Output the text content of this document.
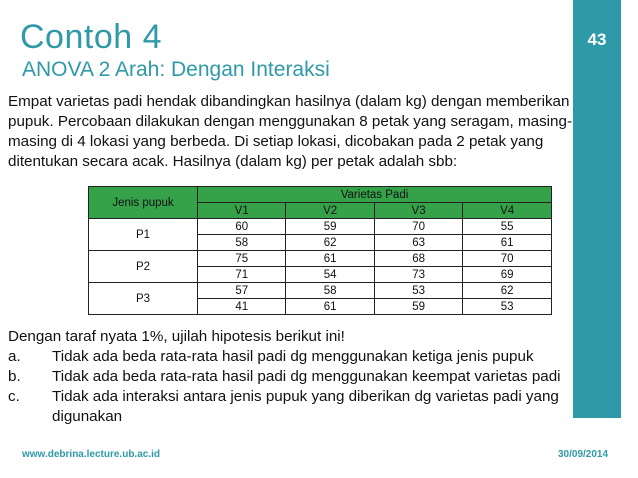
Contoh 4
ANOVA 2 Arah: Dengan Interaksi
43
Empat varietas padi hendak dibandingkan hasilnya (dalam kg) dengan memberikan pupuk. Percobaan dilakukan dengan menggunakan 8 petak yang seragam, masing-masing di 4 lokasi yang berbeda. Di setiap lokasi, dicobakan pada 2 petak yang ditentukan secara acak. Hasilnya (dalam kg) per petak adalah sbb:
Jenis pupuk	Varietas Padi			
	V1	V2	V3	V4
P1	60	59	70	55
	58	62	63	61
P2	75	61	68	70
	71	54	73	69
P3	57	58	53	62
	41	61	59	53
Dengan taraf nyata 1%, ujilah hipotesis berikut ini!
a. Tidak ada beda rata-rata hasil padi dg menggunakan ketiga jenis pupuk
b. Tidak ada beda rata-rata hasil padi dg menggunakan keempat varietas padi
c. Tidak ada interaksi antara jenis pupuk yang diberikan dg varietas padi yang digunakan
www.debrina.lecture.ub.ac.id	30/09/2014
